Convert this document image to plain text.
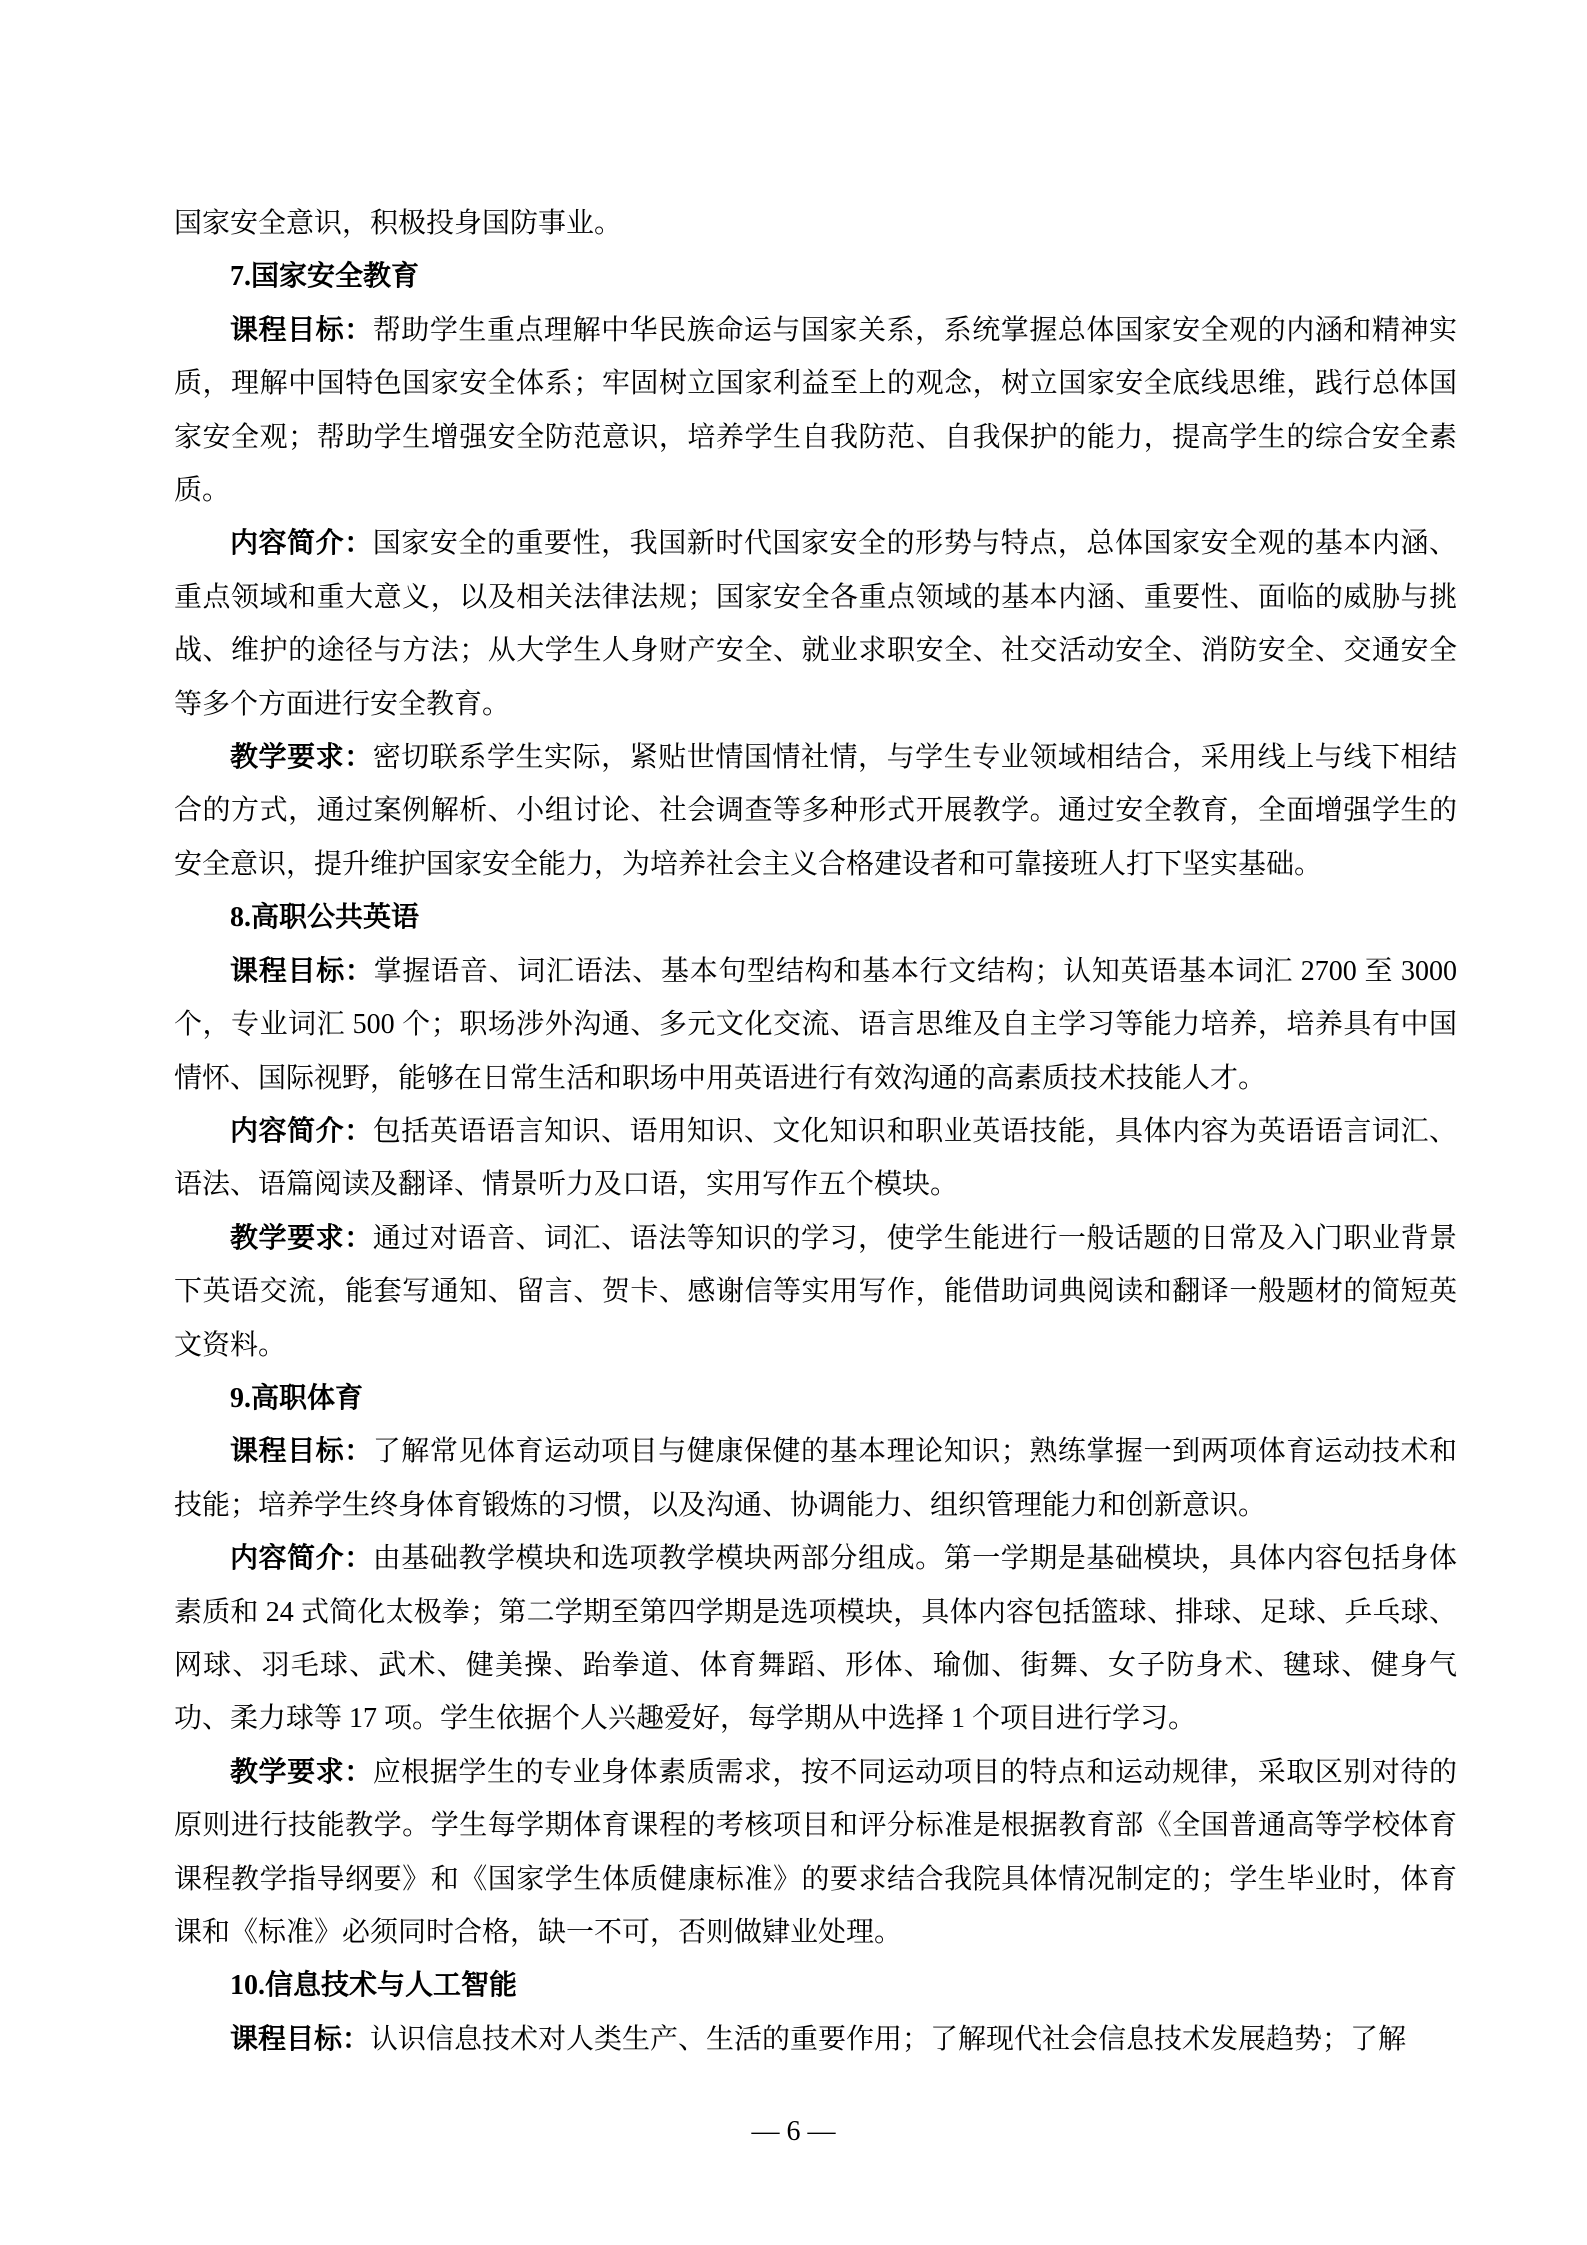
国家安全意识，积极投身国防事业。

7.国家安全教育

课程目标：帮助学生重点理解中华民族命运与国家关系，系统掌握总体国家安全观的内涵和精神实质，理解中国特色国家安全体系；牢固树立国家利益至上的观念，树立国家安全底线思维，践行总体国家安全观；帮助学生增强安全防范意识，培养学生自我防范、自我保护的能力，提高学生的综合安全素质。

内容简介：国家安全的重要性，我国新时代国家安全的形势与特点，总体国家安全观的基本内涵、重点领域和重大意义，以及相关法律法规；国家安全各重点领域的基本内涵、重要性、面临的威胁与挑战、维护的途径与方法；从大学生人身财产安全、就业求职安全、社交活动安全、消防安全、交通安全等多个方面进行安全教育。

教学要求：密切联系学生实际，紧贴世情国情社情，与学生专业领域相结合，采用线上与线下相结合的方式，通过案例解析、小组讨论、社会调查等多种形式开展教学。通过安全教育，全面增强学生的安全意识，提升维护国家安全能力，为培养社会主义合格建设者和可靠接班人打下坚实基础。

8.高职公共英语

课程目标：掌握语音、词汇语法、基本句型结构和基本行文结构；认知英语基本词汇 2700 至 3000 个，专业词汇 500 个；职场涉外沟通、多元文化交流、语言思维及自主学习等能力培养，培养具有中国情怀、国际视野，能够在日常生活和职场中用英语进行有效沟通的高素质技术技能人才。

内容简介：包括英语语言知识、语用知识、文化知识和职业英语技能，具体内容为英语语言词汇、语法、语篇阅读及翻译、情景听力及口语，实用写作五个模块。

教学要求：通过对语音、词汇、语法等知识的学习，使学生能进行一般话题的日常及入门职业背景下英语交流，能套写通知、留言、贺卡、感谢信等实用写作，能借助词典阅读和翻译一般题材的简短英文资料。

9.高职体育

课程目标：了解常见体育运动项目与健康保健的基本理论知识；熟练掌握一到两项体育运动技术和技能；培养学生终身体育锻炼的习惯，以及沟通、协调能力、组织管理能力和创新意识。

内容简介：由基础教学模块和选项教学模块两部分组成。第一学期是基础模块，具体内容包括身体素质和 24 式简化太极拳；第二学期至第四学期是选项模块，具体内容包括篮球、排球、足球、乒乓球、网球、羽毛球、武术、健美操、跆拳道、体育舞蹈、形体、瑜伽、街舞、女子防身术、毽球、健身气功、柔力球等 17 项。学生依据个人兴趣爱好，每学期从中选择 1 个项目进行学习。

教学要求：应根据学生的专业身体素质需求，按不同运动项目的特点和运动规律，采取区别对待的原则进行技能教学。学生每学期体育课程的考核项目和评分标准是根据教育部《全国普通高等学校体育课程教学指导纲要》和《国家学生体质健康标准》的要求结合我院具体情况制定的；学生毕业时，体育课和《标准》必须同时合格，缺一不可，否则做肄业处理。

10.信息技术与人工智能

课程目标：认识信息技术对人类生产、生活的重要作用；了解现代社会信息技术发展趋势；了解

— 6 —
